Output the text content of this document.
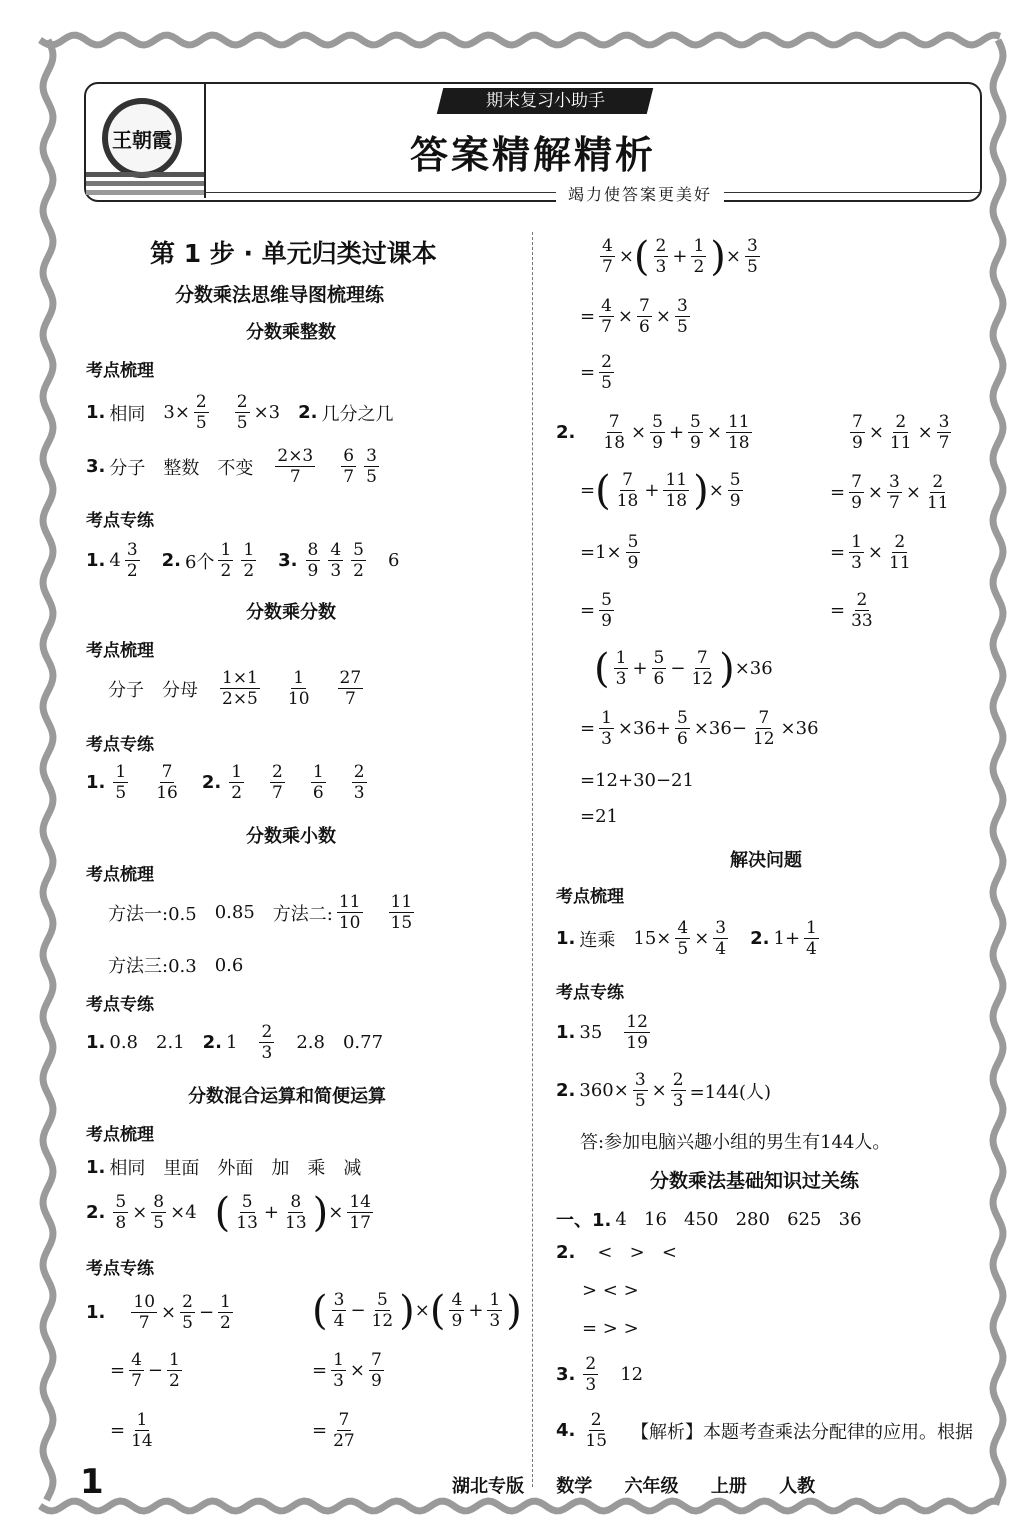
王朝霞
期末复习小助手
答案精解精析
竭力使答案更美好
第 1 步 · 单元归类过课本
分数乘法思维导图梳理练
分数乘整数
考点梳理
1. 相同 $3\times \frac{2}{5} \frac{2}{5} \times 3$ 2. 几分之几
3. 分子 整数 不变 $\frac{2\times 3}{7} \frac{6}{7} \frac{3}{5}$
考点专练
1. $4 \frac{3}{2} 2$. 6个 $\frac{1}{2} \frac{1}{2} 3$. $\frac{8}{9} \frac{4}{3} \frac{5}{2} 6$
分数乘分数
考点梳理
分子 分母 $\frac{1\times 1}{2\times 5} \frac{1}{10} \frac{27}{7}$
考点专练
1. $\frac{1}{5} \frac{7}{16} 2$. $\frac{1}{2} \frac{2}{7} \frac{1}{6} \frac{2}{3}$
分数乘小数
考点梳理
方法一:0.5 0.85 方法二: $\frac{11}{10} \frac{11}{15}$
方法三:0.3 0.6
考点专练
1. 0.8 2.1 2. $1 \frac{2}{3} 2.8$ 0.77
分数混合运算和简便运算
考点梳理
1. 相同 里面 外面 加 乘 减
2. $\frac{5}{8} \times \frac{8}{5} \times 4$ ( $\frac{5}{13} + \frac{8}{13}$ ) × $\frac{14}{17}$
考点专练
1. $\frac{10}{7} \times \frac{2}{5} - \frac{1}{2}$ ( $\frac{3}{4} - \frac{5}{12}$ ) × ( $\frac{4}{9} + \frac{1}{3}$ )
= $\frac{4}{7} - \frac{1}{2}$	= $\frac{1}{3} \times \frac{7}{9}$
= $\frac{1}{14}$	= $\frac{7}{27}$
$\frac{4}{7}$ × ( $\frac{2}{3} + \frac{1}{2}$ ) × $\frac{3}{5}$
= $\frac{4}{7} \times \frac{7}{6} \times \frac{3}{5}$
= $\frac{2}{5}$
2. $\frac{7}{18} \times \frac{5}{9} + \frac{5}{9} \times \frac{11}{18}$	$\frac{7}{9} \times \frac{2}{11} \times \frac{3}{7}$
= ( $\frac{7}{18} + \frac{11}{18}$ ) × $\frac{5}{9}$	= $\frac{7}{9} \times \frac{3}{7} \times \frac{2}{11}$
$=1\times \frac{5}{9}$	= $\frac{1}{3} \times \frac{2}{11}$
= $\frac{5}{9}$	= $\frac{2}{33}$
( $\frac{1}{3} + \frac{5}{6} - \frac{7}{12}$ ) ×36
= $\frac{1}{3} \times 36+ \frac{5}{6} \times 36- \frac{7}{12} \times 36$
=12+30−21
=21
解决问题
考点梳理
1. 连乘 $15\times \frac{4}{5} \times \frac{3}{4} 2$. $1+ \frac{1}{4}$
考点专练
1. $35 \frac{12}{19}$
2. $360\times \frac{3}{5} \times \frac{2}{3} =144$(人)
答:参加电脑兴趣小组的男生有144人。
分数乘法基础知识过关练
一、1. 4   16   450   280   625   36
2. <   >   <
> < >
= > >
3. $\frac{2}{3} 12$
4. $\frac{2}{15}$ 【解析】本题考查乘法分配律的应用。根据
1	湖北专版 数学 六年级 上册 人教
